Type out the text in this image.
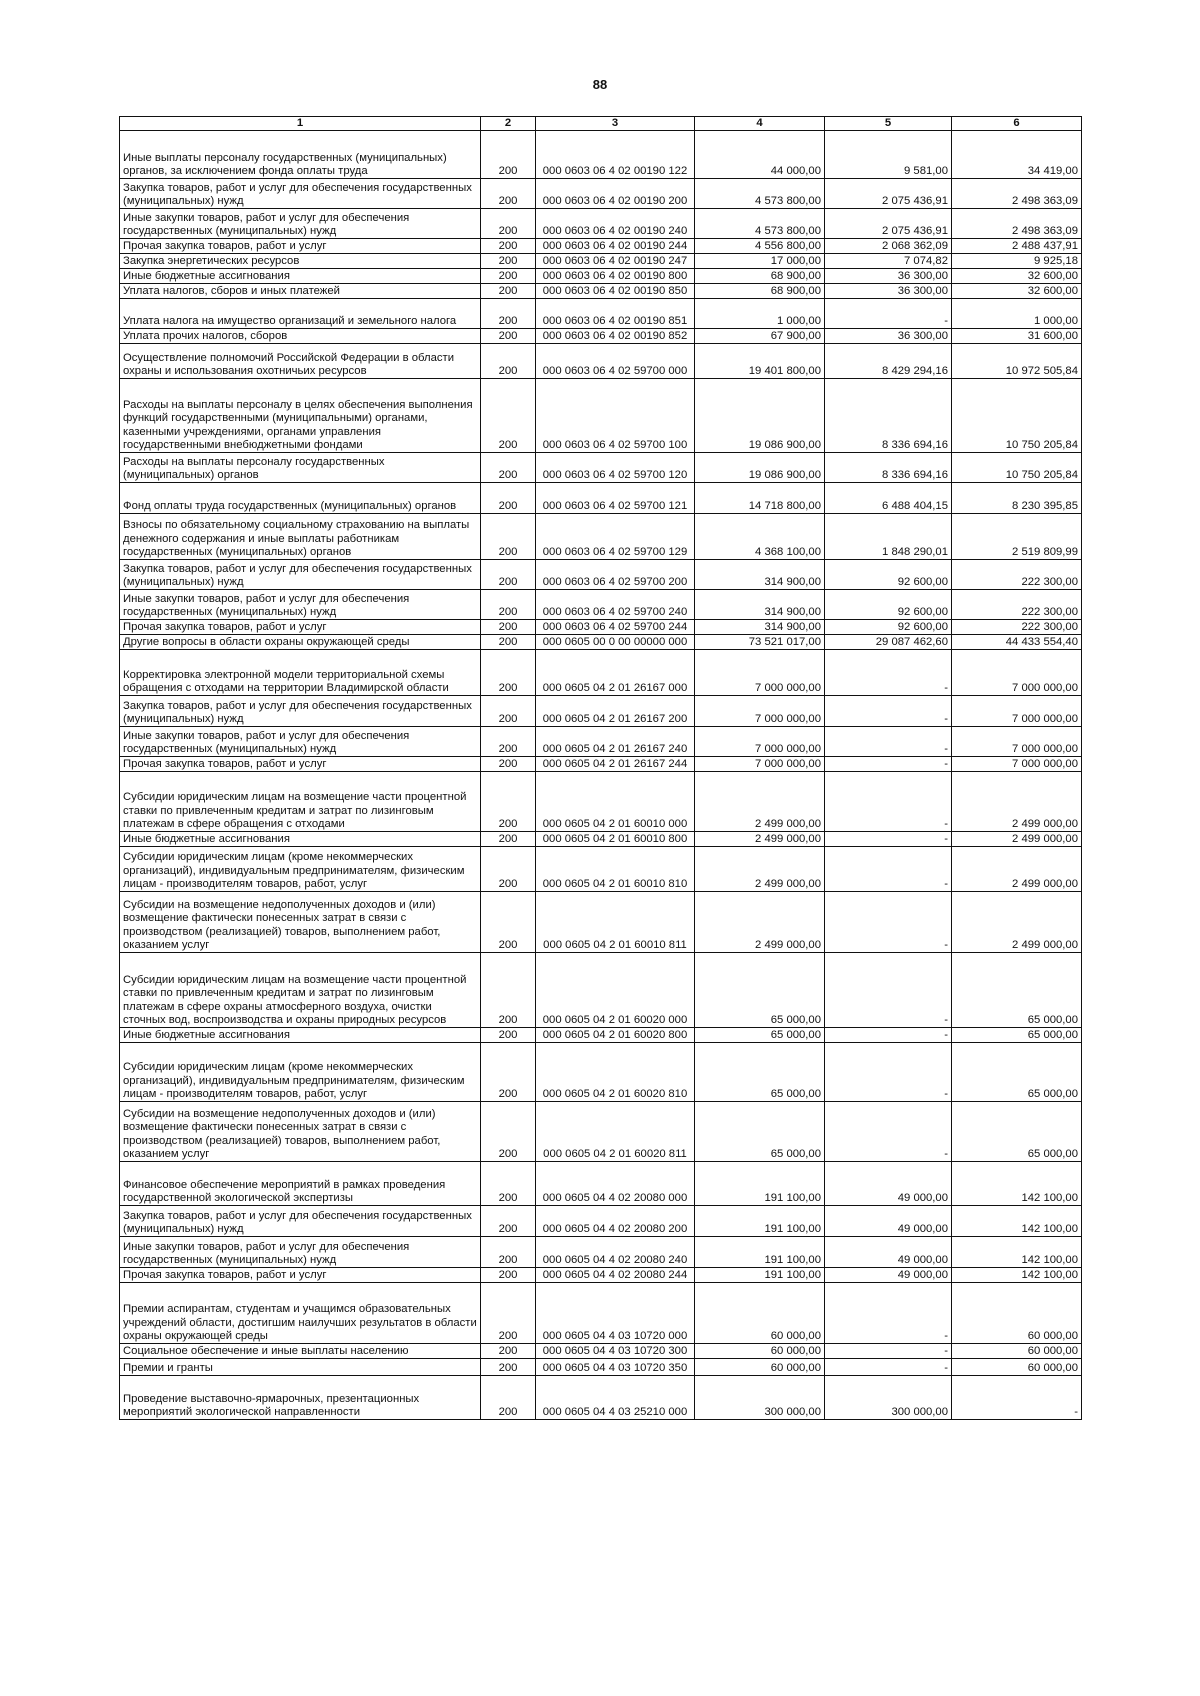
88
1	2	3	4	5	6
Иные выплаты персоналу государственных (муниципальных) органов, за исключением фонда оплаты труда	200	000 0603 06 4 02 00190 122	44 000,00	9 581,00	34 419,00
Закупка товаров, работ и услуг для обеспечения государственных (муниципальных) нужд	200	000 0603 06 4 02 00190 200	4 573 800,00	2 075 436,91	2 498 363,09
Иные закупки товаров, работ и услуг для обеспечения государственных (муниципальных) нужд	200	000 0603 06 4 02 00190 240	4 573 800,00	2 075 436,91	2 498 363,09
Прочая закупка товаров, работ и услуг	200	000 0603 06 4 02 00190 244	4 556 800,00	2 068 362,09	2 488 437,91
Закупка энергетических ресурсов	200	000 0603 06 4 02 00190 247	17 000,00	7 074,82	9 925,18
Иные бюджетные ассигнования	200	000 0603 06 4 02 00190 800	68 900,00	36 300,00	32 600,00
Уплата налогов, сборов и иных платежей	200	000 0603 06 4 02 00190 850	68 900,00	36 300,00	32 600,00
Уплата налога на имущество организаций и земельного налога	200	000 0603 06 4 02 00190 851	1 000,00	-	1 000,00
Уплата прочих налогов, сборов	200	000 0603 06 4 02 00190 852	67 900,00	36 300,00	31 600,00
Осуществление полномочий Российской Федерации в области охраны и использования охотничьих ресурсов	200	000 0603 06 4 02 59700 000	19 401 800,00	8 429 294,16	10 972 505,84
Расходы на выплаты персоналу в целях обеспечения выполнения функций государственными (муниципальными) органами, казенными учреждениями, органами управления государственными внебюджетными фондами	200	000 0603 06 4 02 59700 100	19 086 900,00	8 336 694,16	10 750 205,84
Расходы на выплаты персоналу государственных (муниципальных) органов	200	000 0603 06 4 02 59700 120	19 086 900,00	8 336 694,16	10 750 205,84
Фонд оплаты труда государственных (муниципальных) органов	200	000 0603 06 4 02 59700 121	14 718 800,00	6 488 404,15	8 230 395,85
Взносы по обязательному социальному страхованию на выплаты денежного содержания и иные выплаты работникам государственных (муниципальных) органов	200	000 0603 06 4 02 59700 129	4 368 100,00	1 848 290,01	2 519 809,99
Закупка товаров, работ и услуг для обеспечения государственных (муниципальных) нужд	200	000 0603 06 4 02 59700 200	314 900,00	92 600,00	222 300,00
Иные закупки товаров, работ и услуг для обеспечения государственных (муниципальных) нужд	200	000 0603 06 4 02 59700 240	314 900,00	92 600,00	222 300,00
Прочая закупка товаров, работ и услуг	200	000 0603 06 4 02 59700 244	314 900,00	92 600,00	222 300,00
Другие вопросы в области охраны окружающей среды	200	000 0605 00 0 00 00000 000	73 521 017,00	29 087 462,60	44 433 554,40
Корректировка электронной модели территориальной схемы обращения с отходами на территории Владимирской области	200	000 0605 04 2 01 26167 000	7 000 000,00	-	7 000 000,00
Закупка товаров, работ и услуг для обеспечения государственных (муниципальных) нужд	200	000 0605 04 2 01 26167 200	7 000 000,00	-	7 000 000,00
Иные закупки товаров, работ и услуг для обеспечения государственных (муниципальных) нужд	200	000 0605 04 2 01 26167 240	7 000 000,00	-	7 000 000,00
Прочая закупка товаров, работ и услуг	200	000 0605 04 2 01 26167 244	7 000 000,00	-	7 000 000,00
Субсидии юридическим лицам на возмещение части процентной ставки по привлеченным кредитам и затрат по лизинговым платежам в сфере обращения с отходами	200	000 0605 04 2 01 60010 000	2 499 000,00	-	2 499 000,00
Иные бюджетные ассигнования	200	000 0605 04 2 01 60010 800	2 499 000,00	-	2 499 000,00
Субсидии юридическим лицам (кроме некоммерческих организаций), индивидуальным предпринимателям, физическим лицам - производителям товаров, работ, услуг	200	000 0605 04 2 01 60010 810	2 499 000,00	-	2 499 000,00
Субсидии на возмещение недополученных доходов и (или) возмещение фактически понесенных затрат в связи с производством (реализацией) товаров, выполнением работ, оказанием услуг	200	000 0605 04 2 01 60010 811	2 499 000,00	-	2 499 000,00
Субсидии юридическим лицам на возмещение части процентной ставки по привлеченным кредитам и затрат по лизинговым платежам в сфере охраны атмосферного воздуха, очистки сточных вод, воспроизводства и охраны природных ресурсов	200	000 0605 04 2 01 60020 000	65 000,00	-	65 000,00
Иные бюджетные ассигнования	200	000 0605 04 2 01 60020 800	65 000,00	-	65 000,00
Субсидии юридическим лицам (кроме некоммерческих организаций), индивидуальным предпринимателям, физическим лицам - производителям товаров, работ, услуг	200	000 0605 04 2 01 60020 810	65 000,00	-	65 000,00
Субсидии на возмещение недополученных доходов и (или) возмещение фактически понесенных затрат в связи с производством (реализацией) товаров, выполнением работ, оказанием услуг	200	000 0605 04 2 01 60020 811	65 000,00	-	65 000,00
Финансовое обеспечение мероприятий в рамках проведения государственной экологической экспертизы	200	000 0605 04 4 02 20080 000	191 100,00	49 000,00	142 100,00
Закупка товаров, работ и услуг для обеспечения государственных (муниципальных) нужд	200	000 0605 04 4 02 20080 200	191 100,00	49 000,00	142 100,00
Иные закупки товаров, работ и услуг для обеспечения государственных (муниципальных) нужд	200	000 0605 04 4 02 20080 240	191 100,00	49 000,00	142 100,00
Прочая закупка товаров, работ и услуг	200	000 0605 04 4 02 20080 244	191 100,00	49 000,00	142 100,00
Премии аспирантам, студентам и учащимся образовательных учреждений области, достигшим наилучших результатов в области охраны окружающей среды	200	000 0605 04 4 03 10720 000	60 000,00	-	60 000,00
Социальное обеспечение и иные выплаты населению	200	000 0605 04 4 03 10720 300	60 000,00	-	60 000,00
Премии и гранты	200	000 0605 04 4 03 10720 350	60 000,00	-	60 000,00
Проведение выставочно-ярмарочных, презентационных мероприятий экологической направленности	200	000 0605 04 4 03 25210 000	300 000,00	300 000,00	-
